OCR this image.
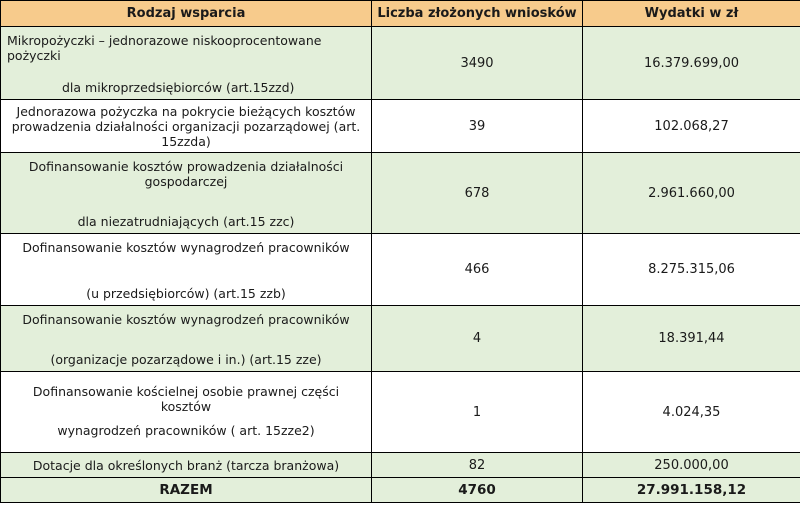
Rodzaj wsparcia	Liczba złożonych wniosków	Wydatki w zł

Mikropożyczki – jednorazowe niskooprocentowane pożyczki
dla mikroprzedsiębiorców (art.15zzd)	3490	16.379.699,00

Jednorazowa pożyczka na pokrycie bieżących kosztów
prowadzenia działalności organizacji pozarządowej (art.
15zzda)	39	102.068,27

Dofinansowanie kosztów prowadzenia działalności
gospodarczej
dla niezatrudniających (art.15 zzc)	678	2.961.660,00

Dofinansowanie kosztów wynagrodzeń pracowników
(u przedsiębiorców) (art.15 zzb)	466	8.275.315,06

Dofinansowanie kosztów wynagrodzeń pracowników
(organizacje pozarządowe i in.) (art.15 zze)	4	18.391,44

Dofinansowanie kościelnej osobie prawnej części kosztów
wynagrodzeń pracowników ( art. 15zze2)	1	4.024,35
Dotacje dla określonych branż (tarcza branżowa)	82	250.000,00
RAZEM	4760	27.991.158,12
